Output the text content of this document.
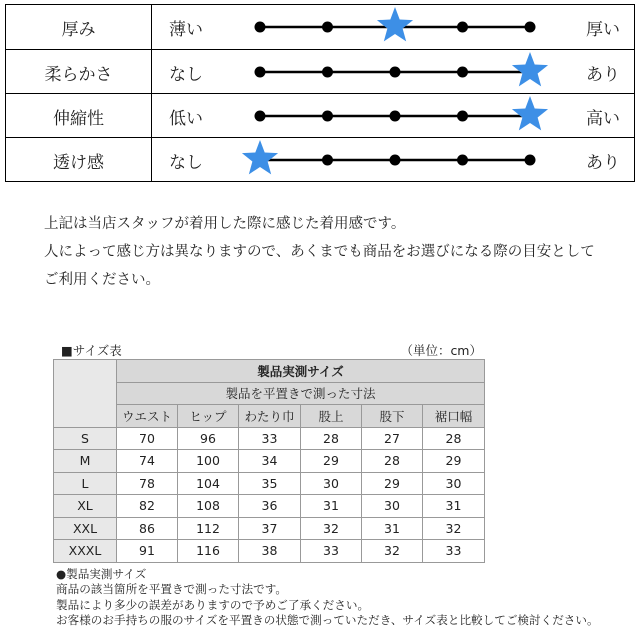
厚み	薄い	厚い
柔らかさ	なし	あり
伸縮性	低い	高い
透け感	なし	あり

上記は当店スタッフが着用した際に感じた着用感です。

人によって感じ方は異なりますので、あくまでも商品をお選びになる際の目安として

ご利用ください。

■サイズ表	（単位：cm）
	製品実測サイズ					
	製品を平置きで測った寸法					
	ウエスト	ヒップ	わたり巾	股上	股下	裾口幅
S	70	96	33	28	27	28
M	74	100	34	29	28	29
L	78	104	35	30	29	30
XL	82	108	36	31	30	31
XXL	86	112	37	32	31	32
XXXL	91	116	38	33	32	33

●製品実測サイズ

商品の該当箇所を平置きで測った寸法です。

製品により多少の誤差がありますので予めご了承ください。

お客様のお手持ちの服のサイズを平置きの状態で測っていただき、サイズ表と比較してご検討ください。
